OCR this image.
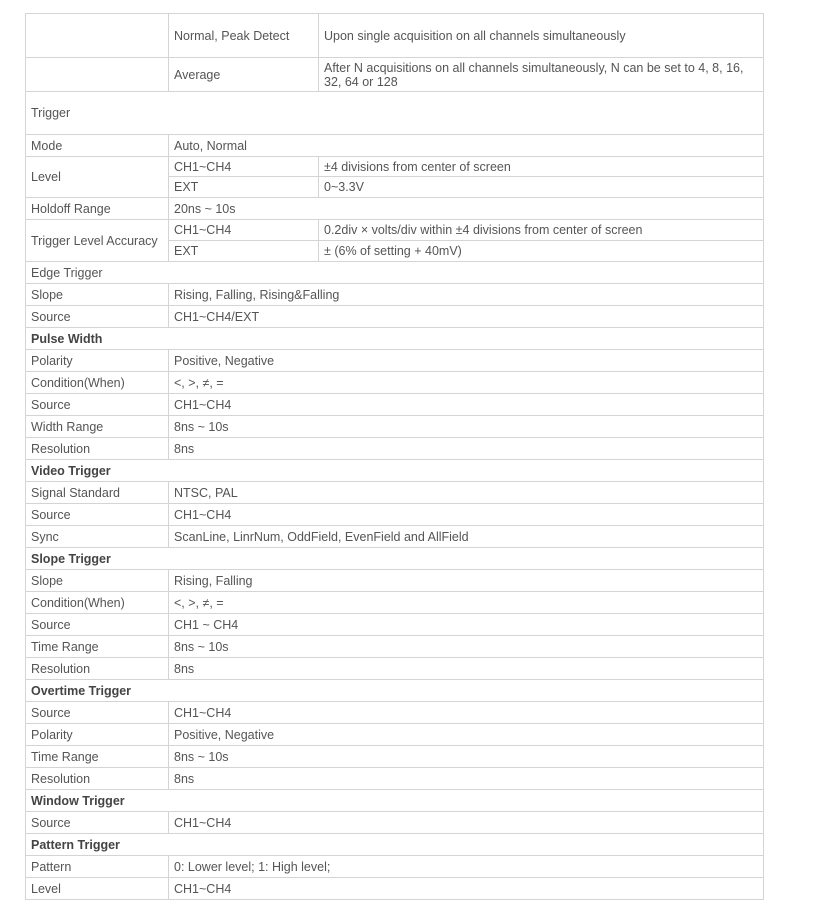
	Normal, Peak Detect	Upon single acquisition on all channels simultaneously
	Average	After N acquisitions on all channels simultaneously, N can be set to 4, 8, 16, 32, 64 or 128
Trigger		
Mode	Auto, Normal	
Level	CH1~CH4	±4 divisions from center of screen
	EXT	0~3.3V
Holdoff Range	20ns ~ 10s	
Trigger Level Accuracy	CH1~CH4	0.2div × volts/div within ±4 divisions from center of screen
	EXT	± (6% of setting + 40mV)
Edge Trigger		
Slope	Rising, Falling, Rising&Falling	
Source	CH1~CH4/EXT	
Pulse Width		
Polarity	Positive, Negative	
Condition(When)	<, >, ≠, =	
Source	CH1~CH4	
Width Range	8ns ~ 10s	
Resolution	8ns	
Video Trigger		
Signal Standard	NTSC, PAL	
Source	CH1~CH4	
Sync	ScanLine, LinrNum, OddField, EvenField and AllField	
Slope Trigger		
Slope	Rising, Falling	
Condition(When)	<, >, ≠, =	
Source	CH1 ~ CH4	
Time Range	8ns ~ 10s	
Resolution	8ns	
Overtime Trigger		
Source	CH1~CH4	
Polarity	Positive, Negative	
Time Range	8ns ~ 10s	
Resolution	8ns	
Window Trigger		
Source	CH1~CH4	
Pattern Trigger		
Pattern	0: Lower level; 1: High level;	
Level	CH1~CH4	
